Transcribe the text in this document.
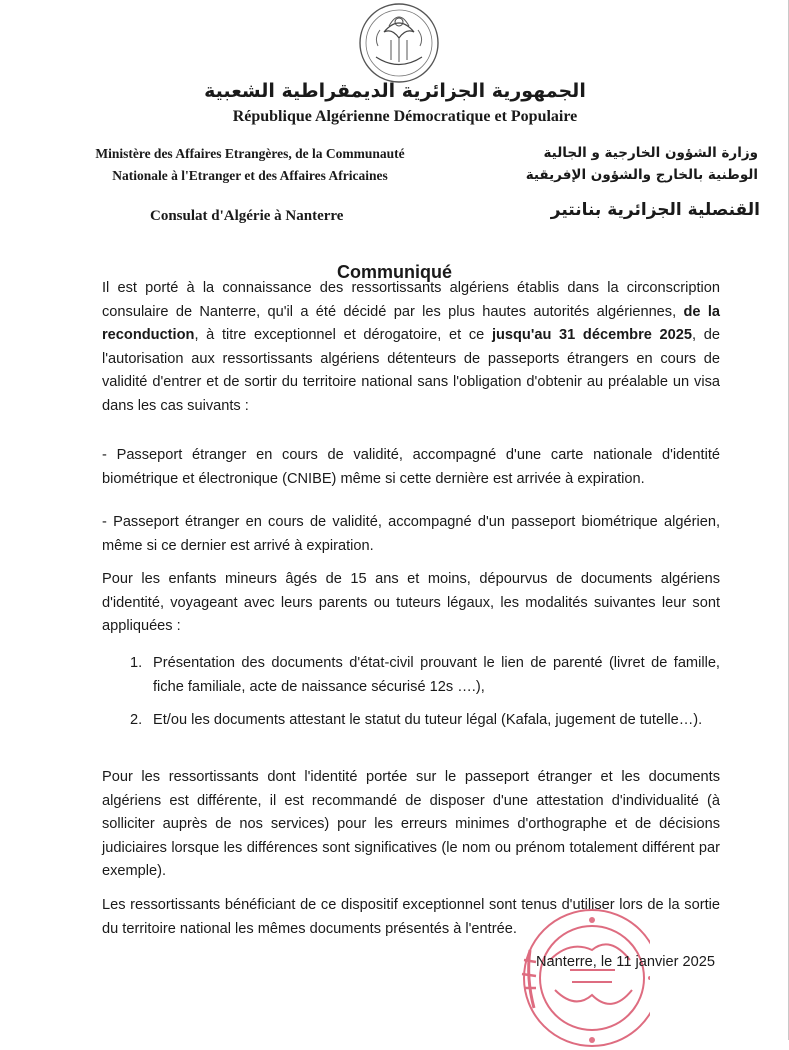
الجمهورية الجزائرية الديمقراطية الشعبية
République Algérienne Démocratique et Populaire
Ministère des Affaires Etrangères, de la Communauté
Nationale à l'Etranger et des Affaires Africaines
وزارة الشؤون الخارجية و الجالية
الوطنية بالخارج والشؤون الإفريقية
Consulat d'Algérie à Nanterre	القنصلية الجزائرية بنانتير
Communiqué
Il est porté à la connaissance des ressortissants algériens établis dans la circonscription consulaire de Nanterre, qu'il a été décidé par les plus hautes autorités algériennes, de la reconduction, à titre exceptionnel et dérogatoire, et ce jusqu'au 31 décembre 2025, de l'autorisation aux ressortissants algériens détenteurs de passeports étrangers en cours de validité d'entrer et de sortir du territoire national sans l'obligation d'obtenir au préalable un visa dans les cas suivants :
- Passeport étranger en cours de validité, accompagné d'une carte nationale d'identité biométrique et électronique (CNIBE) même si cette dernière est arrivée à expiration.
- Passeport étranger en cours de validité, accompagné d'un passeport biométrique algérien, même si ce dernier est arrivé à expiration.
Pour les enfants mineurs âgés de 15 ans et moins, dépourvus de documents algériens d'identité, voyageant avec leurs parents ou tuteurs légaux, les modalités suivantes leur sont appliquées :
1. Présentation des documents d'état-civil prouvant le lien de parenté (livret de famille, fiche familiale, acte de naissance sécurisé 12s ….),
2. Et/ou les documents attestant le statut du tuteur légal (Kafala, jugement de tutelle…).
Pour les ressortissants dont l'identité portée sur le passeport étranger et les documents algériens est différente, il est recommandé de disposer d'une attestation d'individualité (à solliciter auprès de nos services) pour les erreurs minimes d'orthographe et de décisions judiciaires lorsque les différences sont significatives (le nom ou prénom totalement différent par exemple).
Les ressortissants bénéficiant de ce dispositif exceptionnel sont tenus d'utiliser lors de la sortie du territoire national les mêmes documents présentés à l'entrée.
Nanterre, le 11 janvier 2025
